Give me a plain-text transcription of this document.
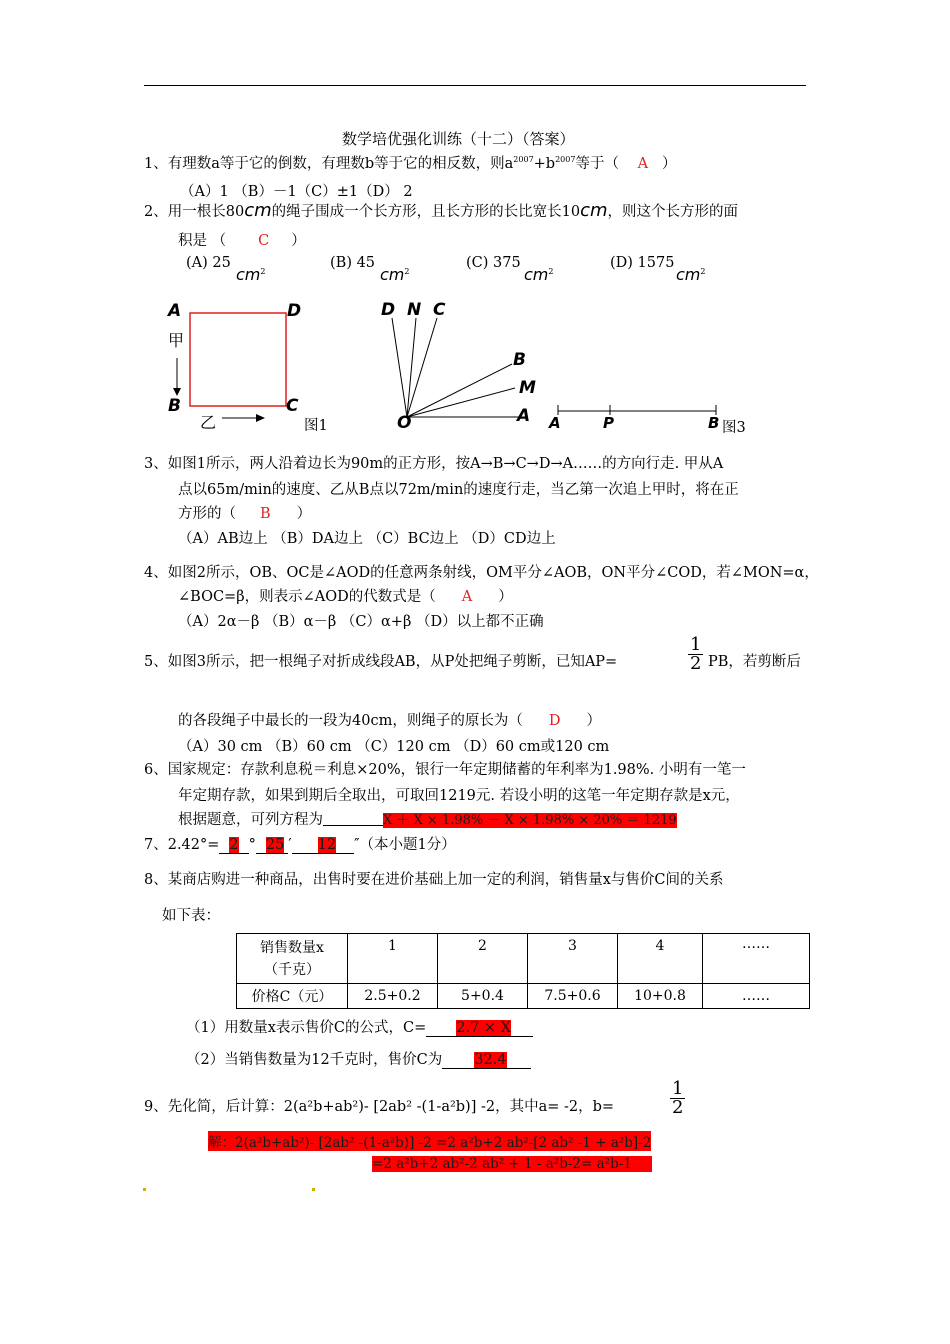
数学培优强化训练（十二）（答案）
1、有理数a等于它的倒数，有理数b等于它的相反数，则$a^{2007}+b^{2007}$等于（ A ）
（A）1 （B）－1（C）±1（D） 2
2、用一根长80cm的绳子围成一个长方形，且长方形的长比宽长10cm，则这个长方形的面
积是 （ C ）
(A) 25
$cm^2$
(B) 45
$cm^2$
(C) 375
$cm^2$
(D) 1575
$cm^2$
A	D
B	C
甲
乙	图1
D N C
B
M
O	A A	P	B 图3
3、如图1所示，两人沿着边长为90m的正方形，按A→B→C→D→A……的方向行走. 甲从A
点以65m/min的速度、乙从B点以72m/min的速度行走，当乙第一次追上甲时，将在正
方形的（ B ）
（A）AB边上 （B）DA边上 （C）BC边上 （D）CD边上
4、如图2所示，OB、OC是∠AOD的任意两条射线，OM平分∠AOB，ON平分∠COD，若∠MON=α，
∠BOC=β，则表示∠AOD的代数式是（ A ）
（A）2α－β （B）α－β （C）α+β （D）以上都不正确
5、如图3所示，把一根绳子对折成线段AB，从P处把绳子剪断，已知AP=	$\frac{1}{2}$ PB，若剪断后
的各段绳子中最长的一段为40cm，则绳子的原长为（ D ）
（A）30 cm （B）60 cm （C）120 cm （D）60 cm或120 cm
6、国家规定：存款利息税＝利息×20%，银行一年定期储蓄的年利率为1.98%. 小明有一笔一
年定期存款，如果到期后全取出，可取回1219元. 若设小明的这笔一年定期存款是x元，
根据题意，可列方程为	X ＋ X × 1.98% － X × 1.98% × 20% ＝ 1219
7、2.42°= 2 ° 25 ′ 12 ″（本小题1分）
8、某商店购进一种商品，出售时要在进价基础上加一定的利润，销售量x与售价C间的关系
如下表：
销售数量x
（千克）	1	2	3	4	……
价格C（元）	2.5+0.2	5+0.4	7.5+0.6	10+0.8	……
（1）用数量x表示售价C的公式，C= 2.7 × X
（2）当销售数量为12千克时，售价C为 32.4
9、先化简，后计算：2(a²b+ab²)- [2ab² -(1-a²b)] -2，其中a= -2，b=	$\frac{1}{2}$
解：2(a²b+ab²)- [2ab² -(1-a²b)] -2 =2 a²b+2 ab²-[2 ab² -1 + a²b]-2
=2 a²b+2 ab²-2 ab² + 1 - a²b-2= a²b-1
